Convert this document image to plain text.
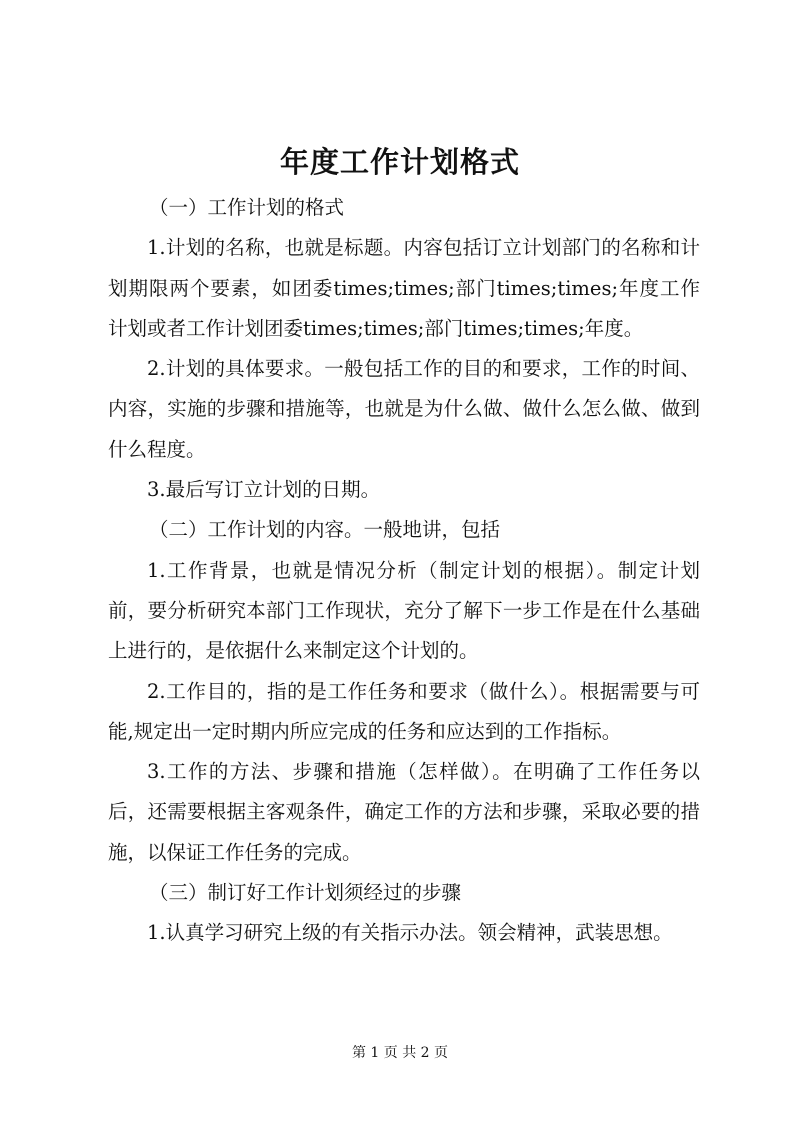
年度工作计划格式

（一）工作计划的格式

1.计划的名称，也就是标题。内容包括订立计划部门的名称和计划期限两个要素，如团委times;times;部门times;times;年度工作计划或者工作计划团委times;times;部门times;times;年度。

2.计划的具体要求。一般包括工作的目的和要求，工作的时间、内容，实施的步骤和措施等，也就是为什么做、做什么怎么做、做到什么程度。

3.最后写订立计划的日期。

（二）工作计划的内容。一般地讲，包括

1.工作背景，也就是情况分析（制定计划的根据）。制定计划前，要分析研究本部门工作现状，充分了解下一步工作是在什么基础上进行的，是依据什么来制定这个计划的。

2.工作目的，指的是工作任务和要求（做什么）。根据需要与可能,规定出一定时期内所应完成的任务和应达到的工作指标。

3.工作的方法、步骤和措施（怎样做）。在明确了工作任务以后，还需要根据主客观条件，确定工作的方法和步骤，采取必要的措施，以保证工作任务的完成。

（三）制订好工作计划须经过的步骤

1.认真学习研究上级的有关指示办法。领会精神，武装思想。

第 1 页 共 2 页
